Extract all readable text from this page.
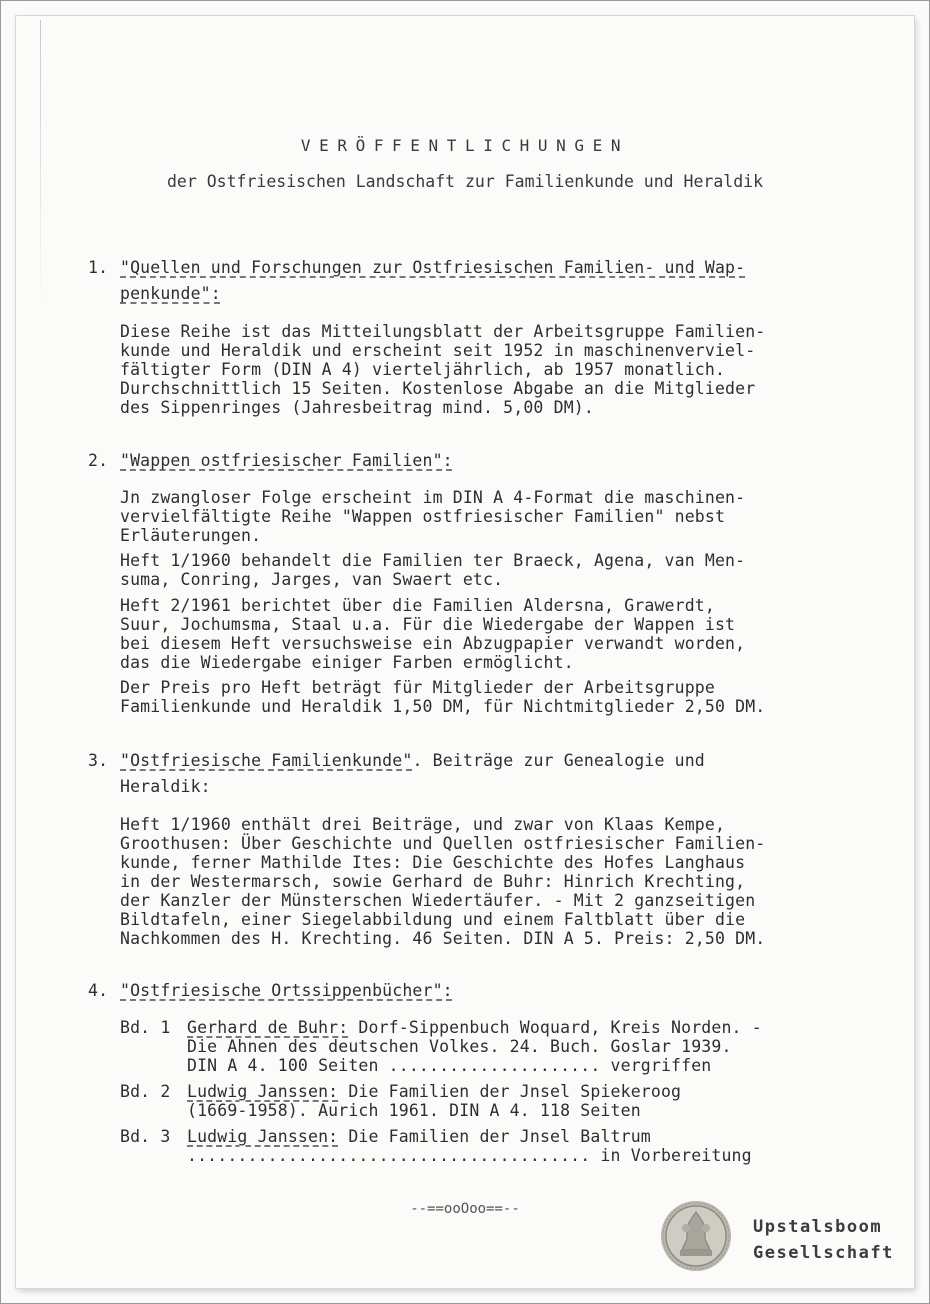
VERÖFFENTLICHUNGEN
der Ostfriesischen Landschaft zur Familienkunde und Heraldik
1. "Quellen und Forschungen zur Ostfriesischen Familien- und Wap-
penkunde":
Diese Reihe ist das Mitteilungsblatt der Arbeitsgruppe Familien-
kunde und Heraldik und erscheint seit 1952 in maschinenverviel-
fältigter Form (DIN A 4) vierteljährlich, ab 1957 monatlich.
Durchschnittlich 15 Seiten. Kostenlose Abgabe an die Mitglieder
des Sippenringes (Jahresbeitrag mind. 5,00 DM).
2. "Wappen ostfriesischer Familien":
Jn zwangloser Folge erscheint im DIN A 4-Format die maschinen-
vervielfältigte Reihe "Wappen ostfriesischer Familien" nebst
Erläuterungen.
Heft 1/1960 behandelt die Familien ter Braeck, Agena, van Men-
suma, Conring, Jarges, van Swaert etc.
Heft 2/1961 berichtet über die Familien Aldersna, Grawerdt,
Suur, Jochumsma, Staal u.a. Für die Wiedergabe der Wappen ist
bei diesem Heft versuchsweise ein Abzugpapier verwandt worden,
das die Wiedergabe einiger Farben ermöglicht.
Der Preis pro Heft beträgt für Mitglieder der Arbeitsgruppe
Familienkunde und Heraldik 1,50 DM, für Nichtmitglieder 2,50 DM.
3. "Ostfriesische Familienkunde". Beiträge zur Genealogie und
Heraldik:
Heft 1/1960 enthält drei Beiträge, und zwar von Klaas Kempe,
Groothusen: Über Geschichte und Quellen ostfriesischer Familien-
kunde, ferner Mathilde Ites: Die Geschichte des Hofes Langhaus
in der Westermarsch, sowie Gerhard de Buhr: Hinrich Krechting,
der Kanzler der Münsterschen Wiedertäufer. - Mit 2 ganzseitigen
Bildtafeln, einer Siegelabbildung und einem Faltblatt über die
Nachkommen des H. Krechting. 46 Seiten. DIN A 5. Preis: 2,50 DM.
4. "Ostfriesische Ortssippenbücher":
Bd. 1 Gerhard de Buhr: Dorf-Sippenbuch Woquard, Kreis Norden. -
Die Ahnen des deutschen Volkes. 24. Buch. Goslar 1939.
DIN A 4. 100 Seiten ..................... vergriffen
Bd. 2 Ludwig Janssen: Die Familien der Jnsel Spiekeroog
(1669-1958). Aurich 1961. DIN A 4. 118 Seiten
Bd. 3 Ludwig Janssen: Die Familien der Jnsel Baltrum
........................................ in Vorbereitung
--==ooOoo==--
Upstalsboom
Gesellschaft
